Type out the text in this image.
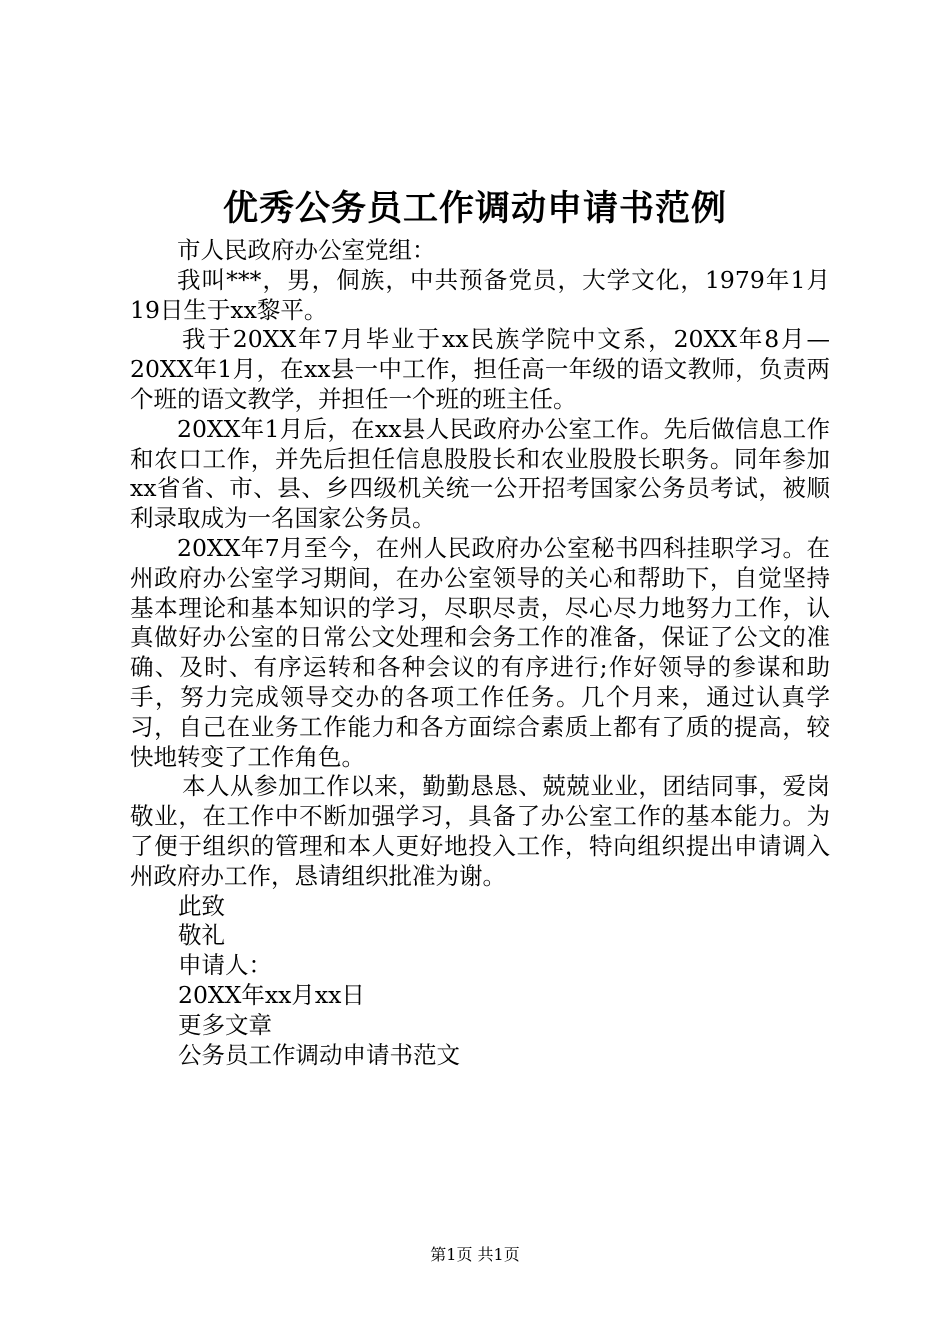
优秀公务员工作调动申请书范例

市人民政府办公室党组：

我叫***，男，侗族，中共预备党员，大学文化，1979年1月19日生于xx黎平。

我于20XX年7月毕业于xx民族学院中文系，20XX年8月—20XX年1月，在xx县一中工作，担任高一年级的语文教师，负责两个班的语文教学，并担任一个班的班主任。

20XX年1月后，在xx县人民政府办公室工作。先后做信息工作和农口工作，并先后担任信息股股长和农业股股长职务。同年参加xx省省、市、县、乡四级机关统一公开招考国家公务员考试，被顺利录取成为一名国家公务员。

20XX年7月至今，在州人民政府办公室秘书四科挂职学习。在州政府办公室学习期间，在办公室领导的关心和帮助下，自觉坚持基本理论和基本知识的学习，尽职尽责，尽心尽力地努力工作，认真做好办公室的日常公文处理和会务工作的准备，保证了公文的准确、及时、有序运转和各种会议的有序进行;作好领导的参谋和助手，努力完成领导交办的各项工作任务。几个月来，通过认真学习，自己在业务工作能力和各方面综合素质上都有了质的提高，较快地转变了工作角色。

本人从参加工作以来，勤勤恳恳、兢兢业业，团结同事，爱岗敬业，在工作中不断加强学习，具备了办公室工作的基本能力。为了便于组织的管理和本人更好地投入工作，特向组织提出申请调入州政府办工作，恳请组织批准为谢。

此致

敬礼

申请人：

20XX年xx月xx日

更多文章

公务员工作调动申请书范文

第1页 共1页
